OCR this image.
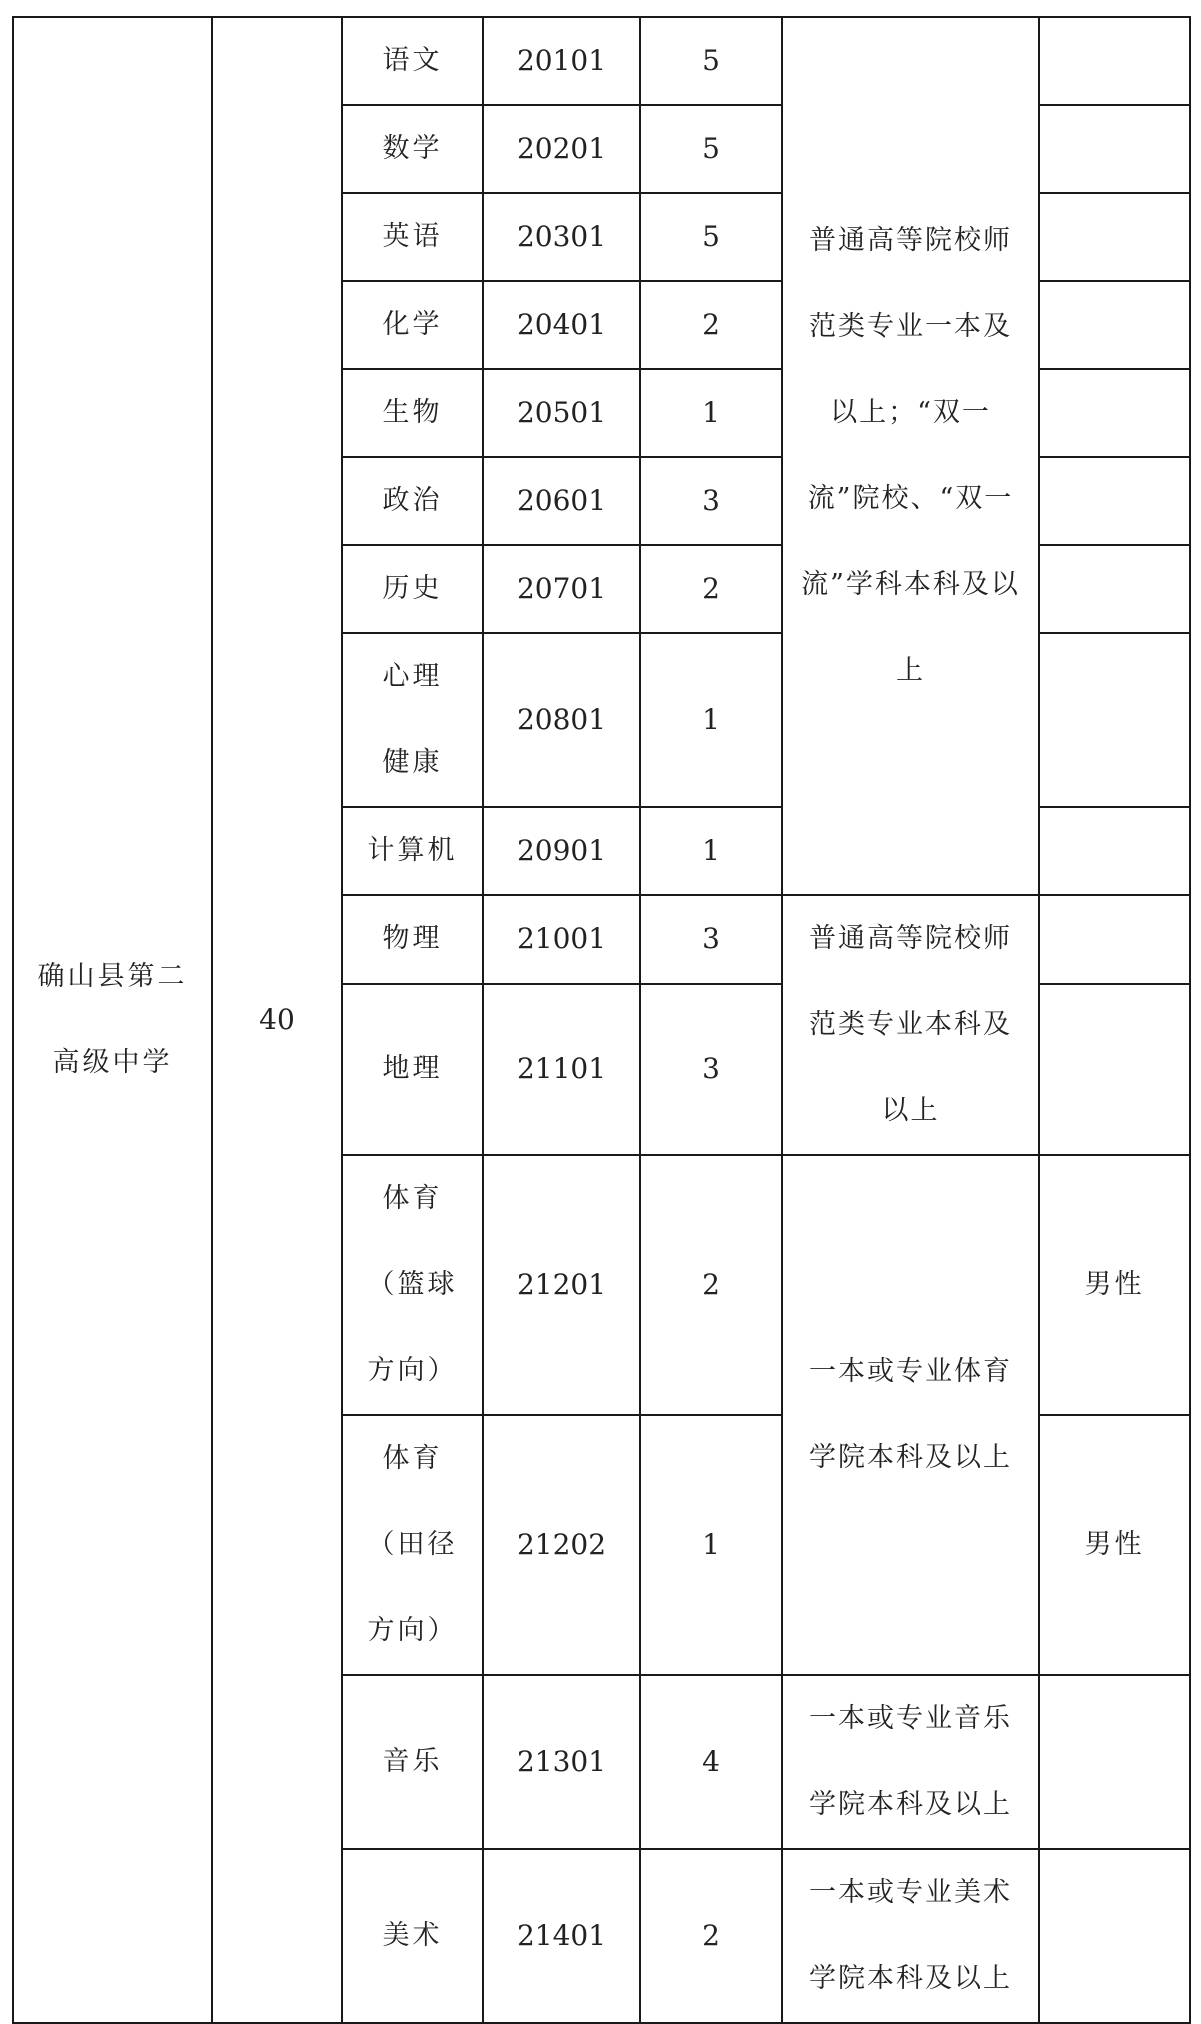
确山县第二高级中学	40	语文	20101	5	普通高等院校师范类专业一本及以上；“双一流”院校、“双一流”学科本科及以上	

		数学	20201	5		
		英语	20301	5		
		化学	20401	2		
		生物	20501	1		
		政治	20601	3		
		历史	20701	2		

		心理健康	20801	1		
		计算机	20901	1		
		物理	21001	3	普通高等院校师范类专业本科及以上	

		地理	21101	3		

		体育（篮球方向）	21201	2	一本或专业体育学院本科及以上	男性

		体育（田径方向）	21202	1		男性
		音乐	21301	4	一本或专业音乐学院本科及以上	

		美术	21401	2	一本或专业美术学院本科及以上	
